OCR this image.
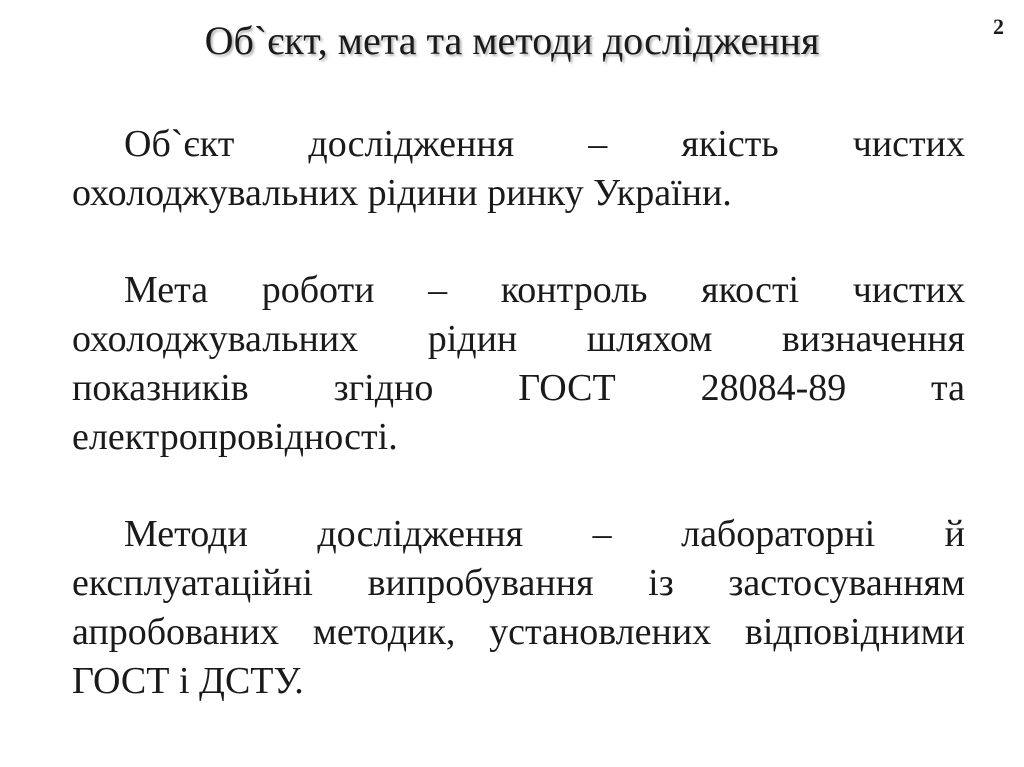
2
Об`єкт, мета та методи дослідження

Об`єкт дослідження – якість чистих охолоджувальних рідини ринку України.

Мета роботи – контроль якості чистих охолоджувальних рідин шляхом визначення показників згідно ГОСТ 28084-89 та електропровідності.

Методи дослідження – лабораторні й експлуатаційні випробування із застосуванням апробованих методик, установлених відповідними ГОСТ і ДСТУ.
